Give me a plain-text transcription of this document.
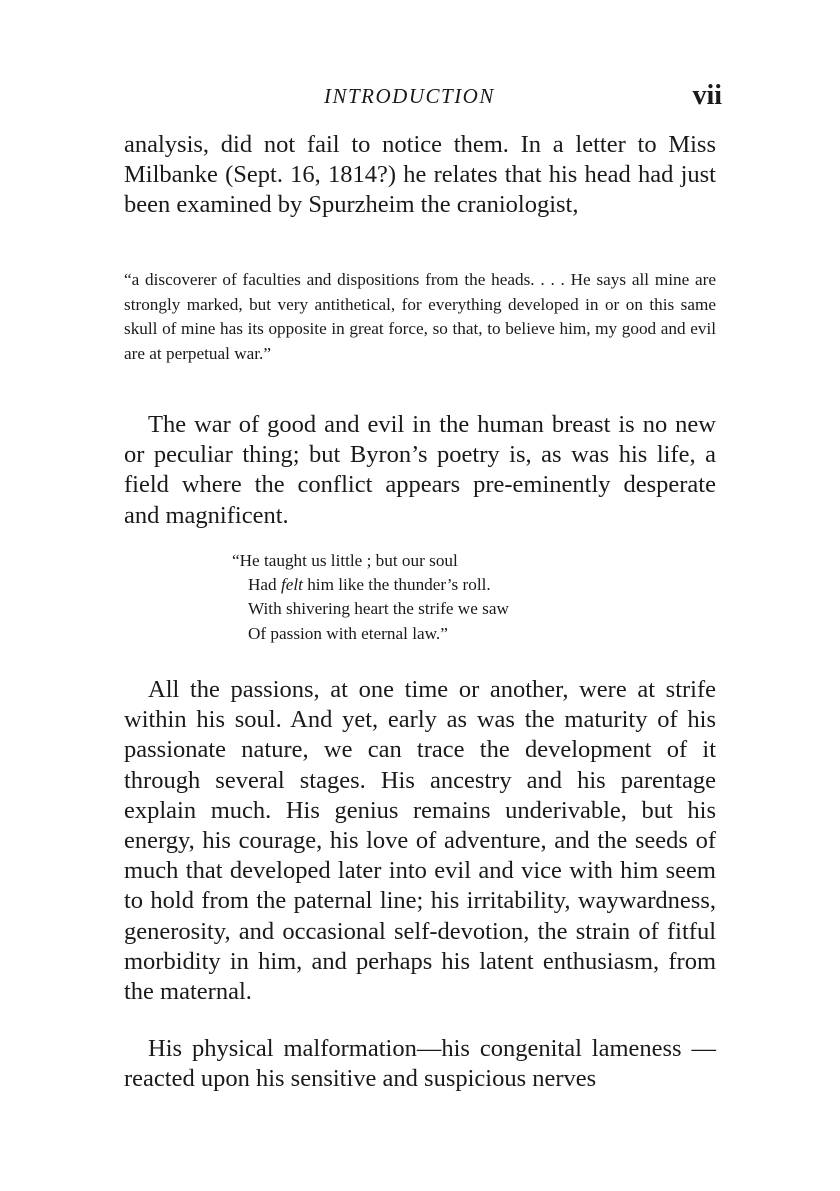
INTRODUCTION	vii

analysis, did not fail to notice them. In a letter to Miss Milbanke (Sept. 16, 1814?) he relates that his head had just been examined by Spurzheim the craniologist,

“a discoverer of faculties and dispositions from the heads. . . . He says all mine are strongly marked, but very antithetical, for everything developed in or on this same skull of mine has its opposite in great force, so that, to believe him, my good and evil are at perpetual war.”

The war of good and evil in the human breast is no new or peculiar thing; but Byron’s poetry is, as was his life, a field where the conflict appears pre-eminently desperate and magnificent.

“He taught us little ; but our soul
Had felt him like the thunder’s roll.
With shivering heart the strife we saw
Of passion with eternal law.”

All the passions, at one time or another, were at strife within his soul. And yet, early as was the maturity of his passionate nature, we can trace the development of it through several stages. His ancestry and his parentage explain much. His genius remains underivable, but his energy, his courage, his love of adventure, and the seeds of much that developed later into evil and vice with him seem to hold from the paternal line; his irritability, waywardness, generosity, and occasional self-devotion, the strain of fitful morbidity in him, and perhaps his latent enthusiasm, from the maternal.

His physical malformation—his congenital lameness —reacted upon his sensitive and suspicious nerves
